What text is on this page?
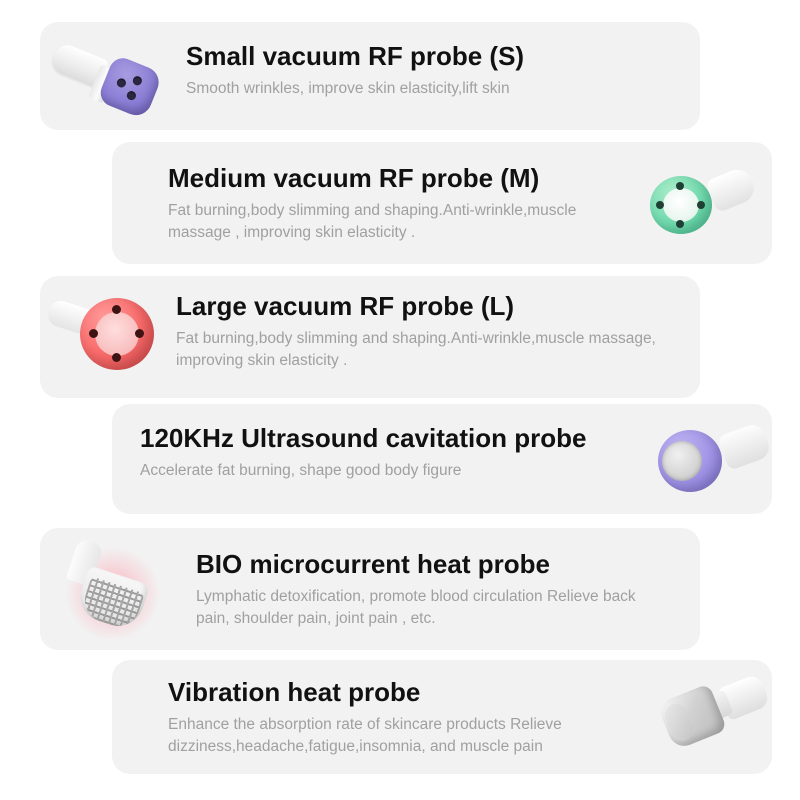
Small vacuum RF probe (S)

Smooth wrinkles, improve skin elasticity,lift skin

Medium vacuum RF probe (M)

Fat burning,body slimming and shaping.Anti-wrinkle,muscle massage , improving skin elasticity .

Large vacuum RF probe (L)

Fat burning,body slimming and shaping.Anti-wrinkle,muscle massage, improving skin elasticity .

120KHz Ultrasound cavitation probe

Accelerate fat burning, shape good body figure

BIO microcurrent heat probe

Lymphatic detoxification, promote blood circulation Relieve back pain, shoulder pain, joint pain , etc.

Vibration heat probe

Enhance the absorption rate of skincare products Relieve dizziness,headache,fatigue,insomnia, and muscle pain
